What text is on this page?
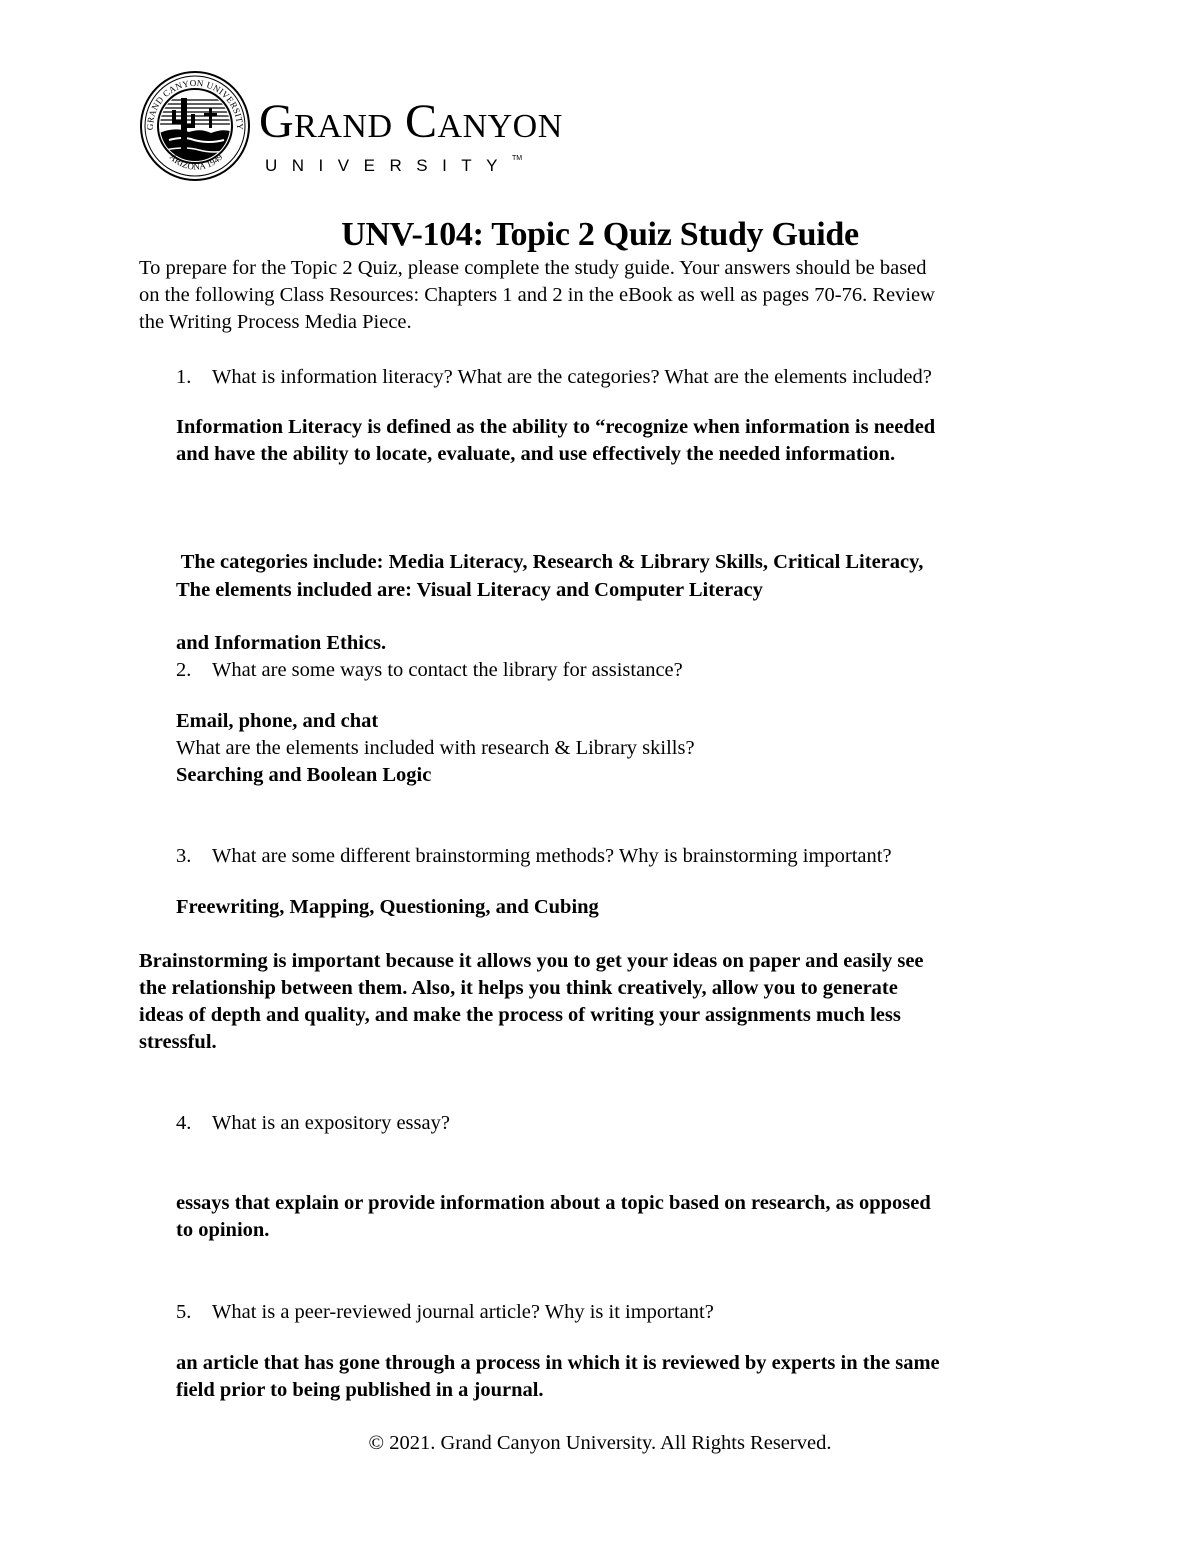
GRAND CANYON UNIVERSITY
ARIZONA 1949
Grand Canyon
UNIVERSITY™
UNV-104: Topic 2 Quiz Study Guide
To prepare for the Topic 2 Quiz, please complete the study guide. Your answers should be based
on the following Class Resources: Chapters 1 and 2 in the eBook as well as pages 70-76. Review
the Writing Process Media Piece.
1. What is information literacy? What are the categories? What are the elements included?
Information Literacy is defined as the ability to “recognize when information is needed
and have the ability to locate, evaluate, and use effectively the needed information.

The categories include: Media Literacy, Research & Library Skills, Critical Literacy,

and Information Ethics.

The elements included are: Visual Literacy and Computer Literacy
2. What are some ways to contact the library for assistance?
Email, phone, and chat
What are the elements included with research & Library skills?
Searching and Boolean Logic
3. What are some different brainstorming methods? Why is brainstorming important?
Freewriting, Mapping, Questioning, and Cubing
Brainstorming is important because it allows you to get your ideas on paper and easily see
the relationship between them. Also, it helps you think creatively, allow you to generate
ideas of depth and quality, and make the process of writing your assignments much less
stressful.
4. What is an expository essay?
essays that explain or provide information about a topic based on research, as opposed
to opinion.
5. What is a peer-reviewed journal article? Why is it important?
an article that has gone through a process in which it is reviewed by experts in the same
field prior to being published in a journal.
© 2021. Grand Canyon University. All Rights Reserved.
